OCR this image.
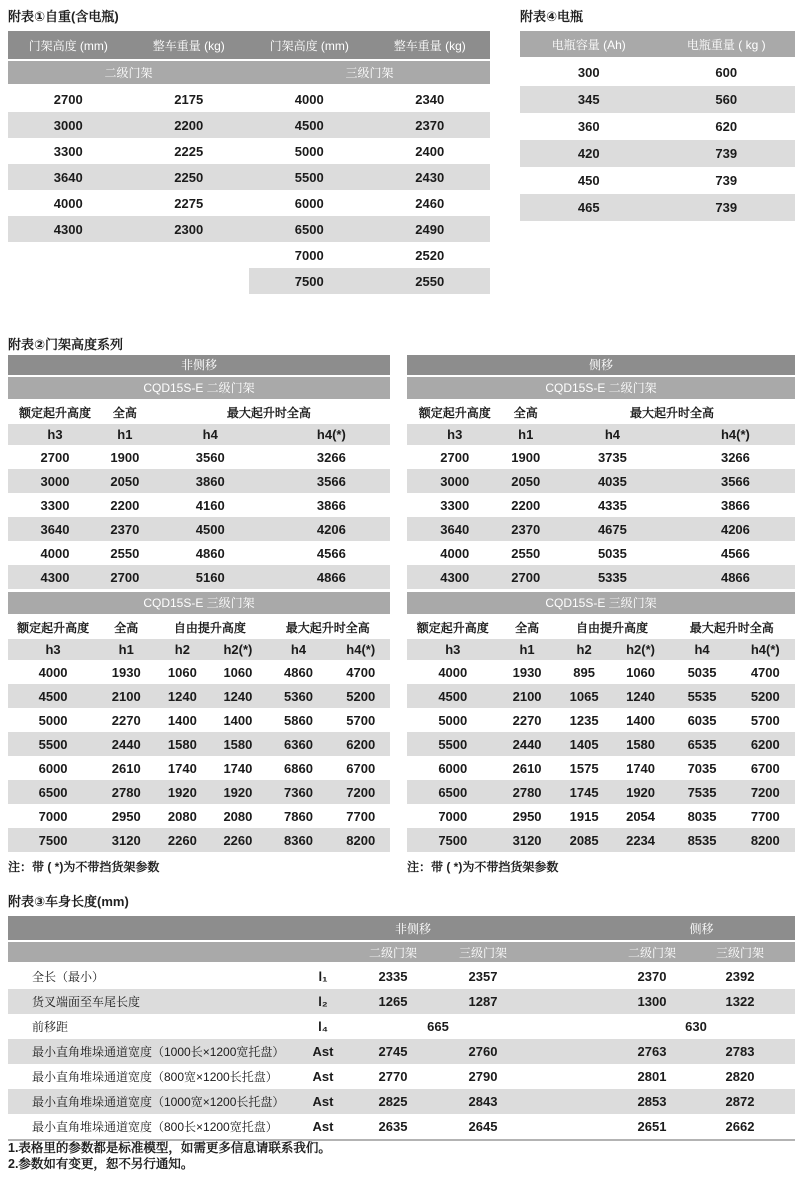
附表①自重(含电瓶)
门架高度 (mm)	整车重量 (kg)	门架高度 (mm)	整车重量 (kg)
二级门架		三级门架	
2700	2175	4000	2340
3000	2200	4500	2370
3300	2225	5000	2400
3640	2250	5500	2430
4000	2275	6000	2460
4300	2300	6500	2490
		7000	2520
		7500	2550
附表④电瓶
电瓶容量 (Ah)	电瓶重量 ( kg )
300	600
345	560
360	620
420	739
450	739
465	739
附表②门架高度系列
非侧移
CQD15S-E 二级门架
额定起升高度	全高	最大起升时全高	
h3	h1	h4	h4(*)
2700	1900	3560	3266
3000	2050	3860	3566
3300	2200	4160	3866
3640	2370	4500	4206
4000	2550	4860	4566
4300	2700	5160	4866
CQD15S-E 三级门架
额定起升高度	全高	自由提升高度		最大起升时全高	
h3	h1	h2	h2(*)	h4	h4(*)
4000	1930	1060	1060	4860	4700
4500	2100	1240	1240	5360	5200
5000	2270	1400	1400	5860	5700
5500	2440	1580	1580	6360	6200
6000	2610	1740	1740	6860	6700
6500	2780	1920	1920	7360	7200
7000	2950	2080	2080	7860	7700
7500	3120	2260	2260	8360	8200
注：带 ( *)为不带挡货架参数
侧移
CQD15S-E 二级门架
额定起升高度	全高	最大起升时全高	
h3	h1	h4	h4(*)
2700	1900	3735	3266
3000	2050	4035	3566
3300	2200	4335	3866
3640	2370	4675	4206
4000	2550	5035	4566
4300	2700	5335	4866
CQD15S-E 三级门架
额定起升高度	全高	自由提升高度		最大起升时全高	
h3	h1	h2	h2(*)	h4	h4(*)
4000	1930	895	1060	5035	4700
4500	2100	1065	1240	5535	5200
5000	2270	1235	1400	6035	5700
5500	2440	1405	1580	6535	6200
6000	2610	1575	1740	7035	6700
6500	2780	1745	1920	7535	7200
7000	2950	1915	2054	8035	7700
7500	3120	2085	2234	8535	8200
注：带 ( *)为不带挡货架参数
附表③车身长度(mm)
	非侧移				侧移		
		二级门架	三级门架		二级门架	三级门架	
全长（最小）	l₁	2335	2357		2370	2392	
货叉端面至车尾长度	l₂	1265	1287		1300	1322	
前移距	l₄	665			630		
最小直角堆垛通道宽度（1000长×1200宽托盘）	Ast	2745	2760		2763	2783	
最小直角堆垛通道宽度（800宽×1200长托盘）	Ast	2770	2790		2801	2820	
最小直角堆垛通道宽度（1000宽×1200长托盘）	Ast	2825	2843		2853	2872	
最小直角堆垛通道宽度（800长×1200宽托盘）	Ast	2635	2645		2651	2662	
1.表格里的参数都是标准模型，如需更多信息请联系我们。
2.参数如有变更，恕不另行通知。
